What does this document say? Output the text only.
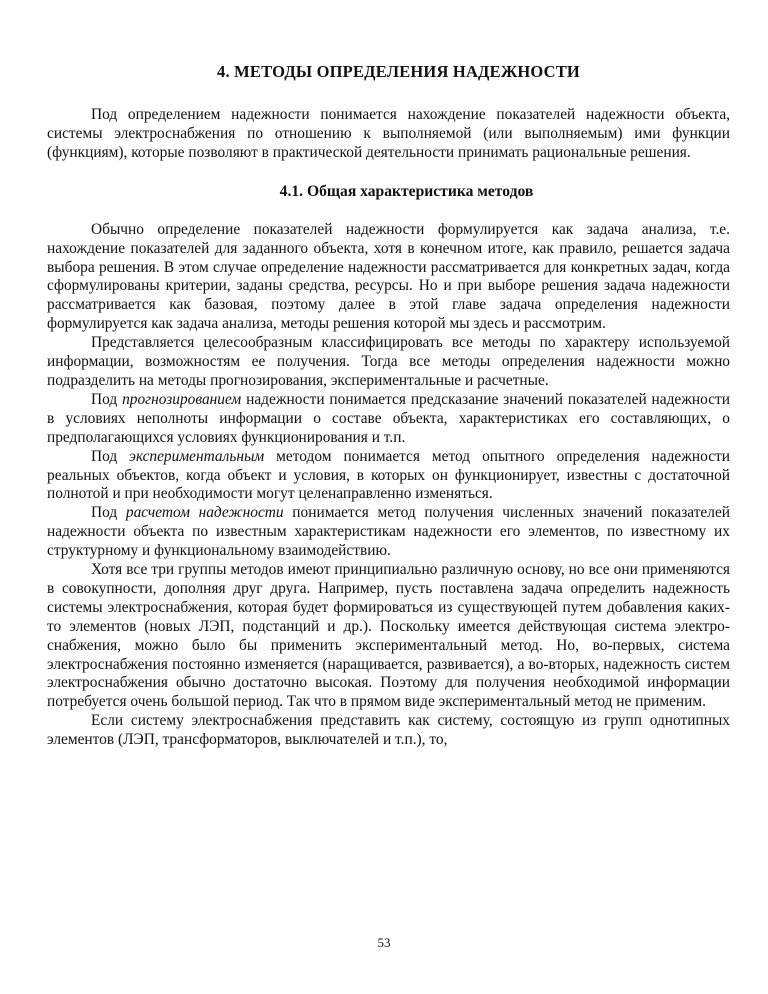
4. МЕТОДЫ ОПРЕДЕЛЕНИЯ НАДЕЖНОСТИ

Под определением надежности понимается нахождение показателей надежности объекта, системы электроснабжения по отношению к выполняемой (или выполняемым) ими функции (функциям), которые позволяют в практической деятельности принимать рациональные решения.

4.1. Общая характеристика методов

Обычно определение показателей надежности формулируется как задача анализа, т.е. нахождение показателей для заданного объекта, хотя в конечном итоге, как правило, решается задача выбора решения. В этом случае определение надежности рассматривается для конкретных задач, когда сформулированы критерии, заданы средства, ресурсы. Но и при выборе решения задача надежности рассматривается как базовая, поэтому далее в этой главе задача определения надежности формулируется как задача анализа, методы решения которой мы здесь и рассмотрим.

Представляется целесообразным классифицировать все методы по характеру используемой информации, возможностям ее получения. Тогда все методы определения надежности можно подразделить на методы прогнозирования, экспериментальные и расчетные.

Под прогнозированием надежности понимается предсказание значений показателей надежности в условиях неполноты информации о составе объекта, характеристиках его составляющих, о предполагающихся условиях функционирования и т.п.

Под экспериментальным методом понимается метод опытного определения надежности реальных объектов, когда объект и условия, в которых он функционирует, известны с достаточной полнотой и при необходимости могут целенаправленно изменяться.

Под расчетом надежности понимается метод получения численных значений показателей надежности объекта по известным характеристикам надежности его элементов, по известному их структурному и функциональному взаимодействию.

Хотя все три группы методов имеют принципиально различную основу, но все они применяются в совокупности, дополняя друг друга. Например, пусть поставлена задача определить надежность системы электроснабжения, которая будет формироваться из существующей путем добавления каких-то элементов (новых ЛЭП, подстанций и др.). Поскольку имеется действующая система электроснабжения, можно было бы применить экспериментальный метод. Но, во-первых, система электроснабжения постоянно изменяется (наращивается, развивается), а во-вторых, надежность систем электроснабжения обычно достаточно высокая. Поэтому для получения необходимой информации потребуется очень большой период. Так что в прямом виде экспериментальный метод не применим.

Если систему электроснабжения представить как систему, состоящую из групп однотипных элементов (ЛЭП, трансформаторов, выключателей и т.п.), то,

53
